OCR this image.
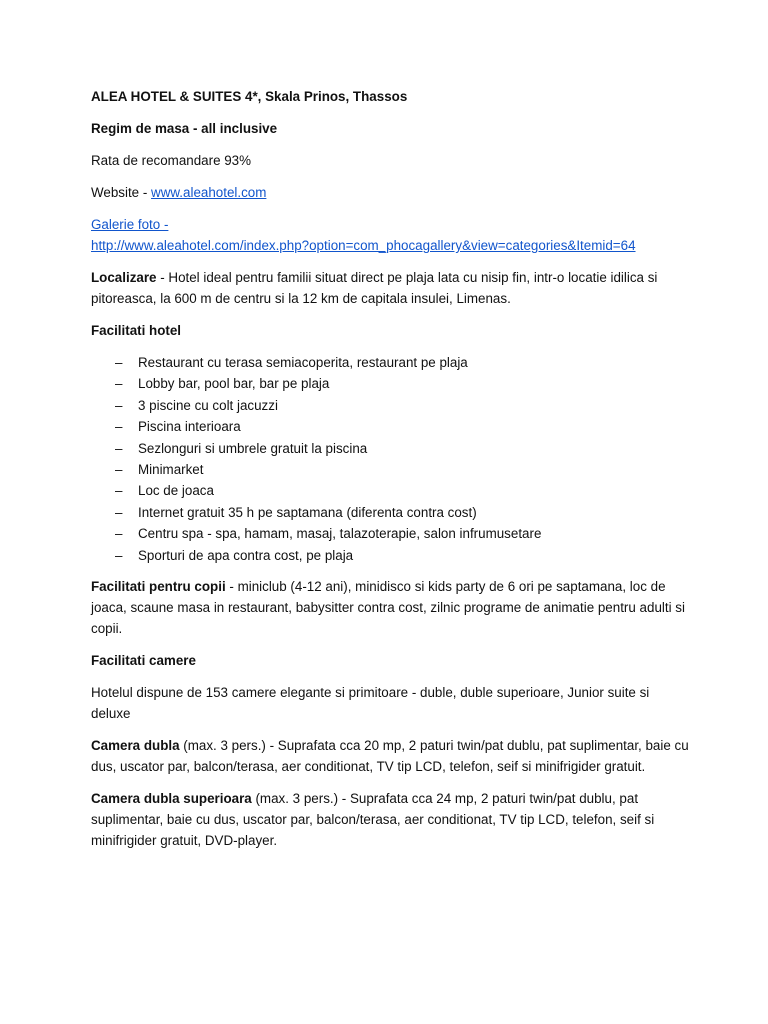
ALEA HOTEL & SUITES 4*, Skala Prinos, Thassos

Regim de masa - all inclusive

Rata de recomandare 93%

Website - www.aleahotel.com

Galerie foto -
http://www.aleahotel.com/index.php?option=com_phocagallery&view=categories&Itemid=64

Localizare - Hotel ideal pentru familii situat direct pe plaja lata cu nisip fin, intr-o locatie idilica si pitoreasca, la 600 m de centru si la 12 km de capitala insulei, Limenas.

Facilitati hotel

– Restaurant cu terasa semiacoperita, restaurant pe plaja
– Lobby bar, pool bar, bar pe plaja
– 3 piscine cu colt jacuzzi
– Piscina interioara
– Sezlonguri si umbrele gratuit la piscina
– Minimarket
– Loc de joaca
– Internet gratuit 35 h pe saptamana (diferenta contra cost)
– Centru spa - spa, hamam, masaj, talazoterapie, salon infrumusetare
– Sporturi de apa contra cost, pe plaja

Facilitati pentru copii - miniclub (4-12 ani), minidisco si kids party de 6 ori pe saptamana, loc de joaca, scaune masa in restaurant, babysitter contra cost, zilnic programe de animatie pentru adulti si copii.

Facilitati camere

Hotelul dispune de 153 camere elegante si primitoare - duble, duble superioare, Junior suite si deluxe

Camera dubla (max. 3 pers.) - Suprafata cca 20 mp, 2 paturi twin/pat dublu, pat suplimentar, baie cu dus, uscator par, balcon/terasa, aer conditionat, TV tip LCD, telefon, seif si minifrigider gratuit.

Camera dubla superioara (max. 3 pers.) - Suprafata cca 24 mp, 2 paturi twin/pat dublu, pat suplimentar, baie cu dus, uscator par, balcon/terasa, aer conditionat, TV tip LCD, telefon, seif si minifrigider gratuit, DVD-player.
